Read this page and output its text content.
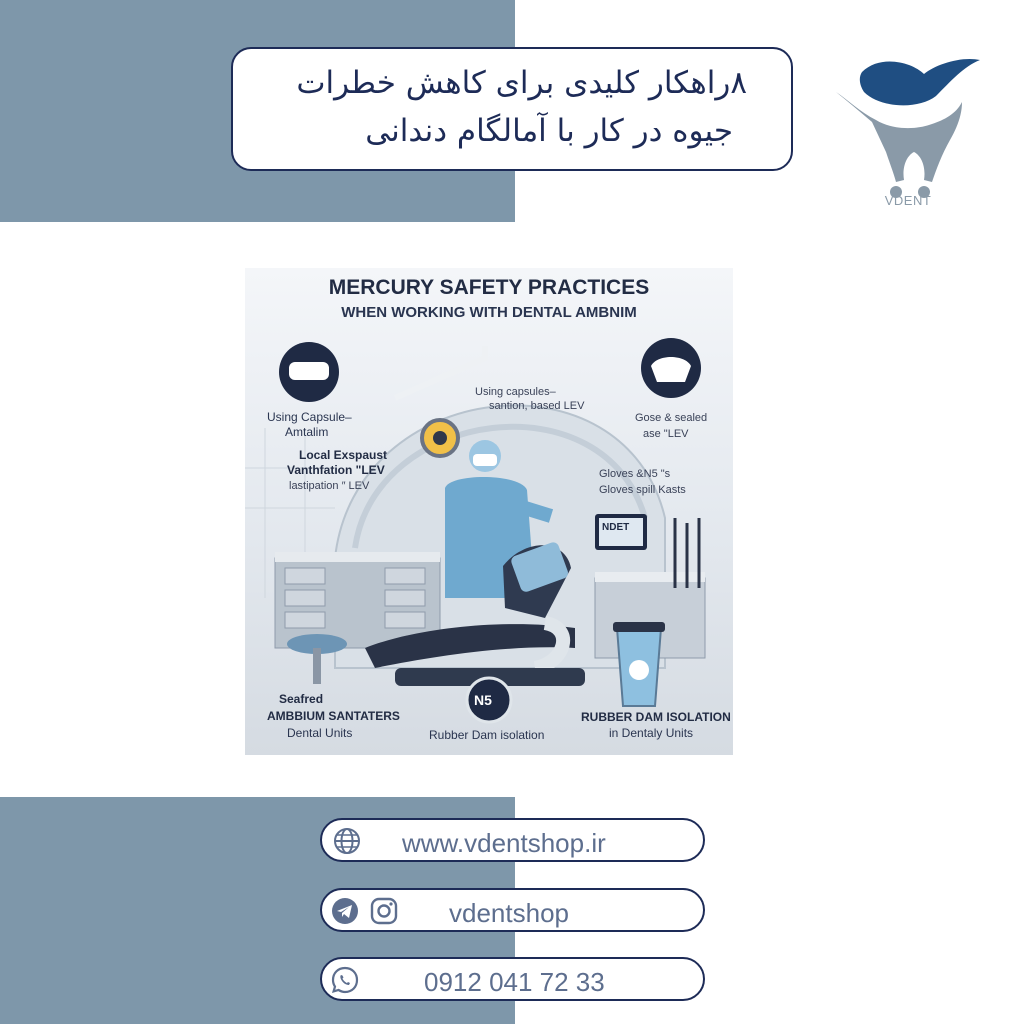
۸راهکار کلیدی برای کاهش خطرات
جیوه در کار با آمالگام دندانی
VDENT
MERCURY SAFETY PRACTICES
WHEN WORKING WITH DENTAL AMBNIM
Using Capsule–
Amtalim
Local Exspaust
Vanthfation "LEV
lastipation ″ LEV
Using capsules–
santion, based LEV
Gose & sealed
ase "LEV
Gloves &N5 "s
Gloves spill Kasts
NDET
N5
Seafred
AMBBIUM SANTATERS
Dental Units	Rubber Dam isolation
RUBBER DAM ISOLATION
in Dentaly Units
www.vdentshop.ir
vdentshop
0912 041 72 33
